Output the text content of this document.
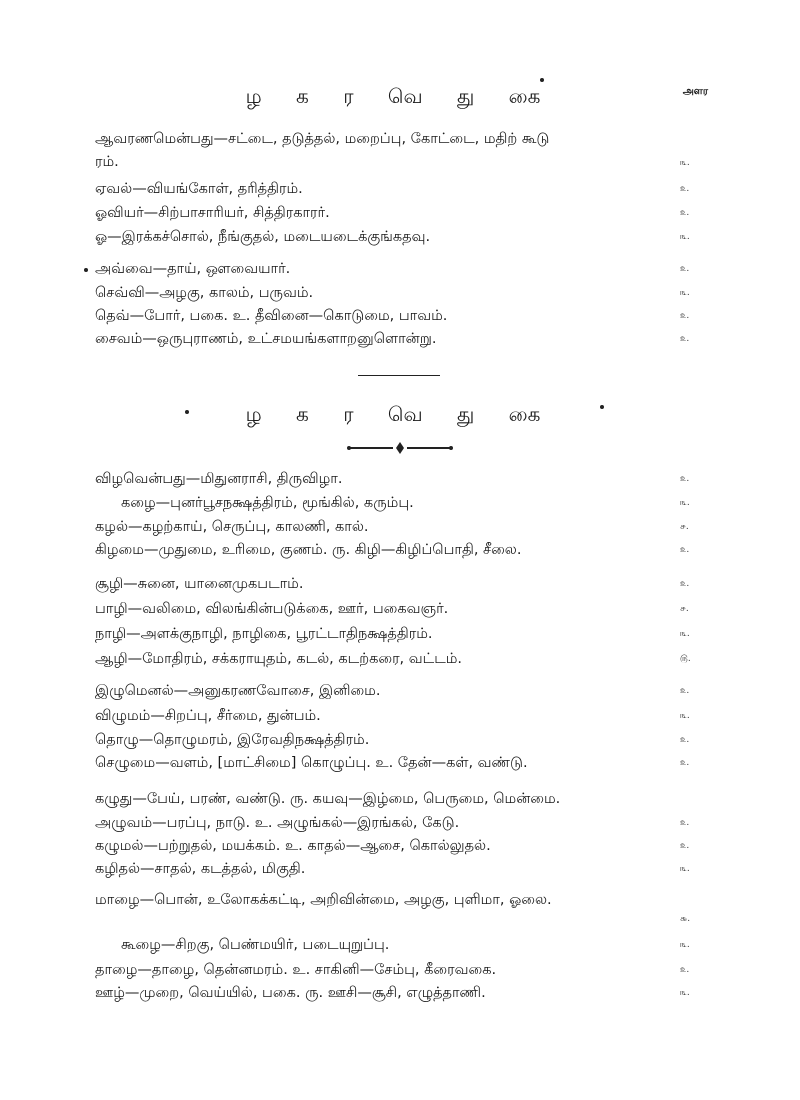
ழ க ர வெ து கை	அளர
ஆவரணமென்பது—சட்டை, தடுத்தல், மறைப்பு, கோட்டை, மதிற் கூடு
ரம்.	௩.
ஏவல்—வியங்கோள், தரித்திரம்.	௨.
ஓவியர்—சிற்பாசாரியர், சித்திரகாரர்.	௨.
ஓ—இரக்கச்சொல், நீங்குதல், மடையடைக்குங்கதவு.	௩.
அவ்வை—தாய், ஔவையார்.	௨.
செவ்வி—அழகு, காலம், பருவம்.	௩.
தெவ்—போர், பகை. உ. தீவினை—கொடுமை, பாவம்.	௨.
சைவம்—ஒருபுராணம், உட்சமயங்களாறனுளொன்று.	௨.
ழ க ர வெ து கை
விழவென்பது—மிதுனராசி, திருவிழா.	௨.
கழை—புனர்பூசநக்ஷத்திரம், மூங்கில், கரும்பு.	௩.
கழல்—கழற்காய், செருப்பு, காலணி, கால்.	௪.
கிழமை—முதுமை, உரிமை, குணம். ரு. கிழி—கிழிப்பொதி, சீலை.	௨.
சூழி—சுனை, யானைமுகபடாம்.	௨.
பாழி—வலிமை, விலங்கின்படுக்கை, ஊர், பகைவஞர்.	௪.
நாழி—அளக்குநாழி, நாழிகை, பூரட்டாதிநக்ஷத்திரம்.	௩.
ஆழி—மோதிரம், சக்கராயுதம், கடல், கடற்கரை, வட்டம்.	௫.
இழுமெனல்—அனுகரணவோசை, இனிமை.	௨.
விழுமம்—சிறப்பு, சீர்மை, துன்பம்.	௩.
தொழு—தொழுமரம், இரேவதிநக்ஷத்திரம்.	௨.
செழுமை—வளம், [மாட்சிமை] கொழுப்பு. உ. தேன்—கள், வண்டு.	௨.
கழுது—பேய், பரண், வண்டு. ரு. கயவு—இழ்மை, பெருமை, மென்மை.
அழுவம்—பரப்பு, நாடு. உ. அழுங்கல்—இரங்கல், கேடு.	௨.
கழுமல்—பற்றுதல், மயக்கம். உ. காதல்—ஆசை, கொல்லுதல்.	௨.
கழிதல்—சாதல், கடத்தல், மிகுதி.	௩.
மாழை—பொன், உலோகக்கட்டி, அறிவின்மை, அழகு, புளிமா, ஓலை.
௬.
கூழை—சிறகு, பெண்மயிர், படையுறுப்பு.	௩.
தாழை—தாழை, தென்னமரம். உ. சாகினி—சேம்பு, கீரைவகை.	௨.
ஊழ்—முறை, வெய்யில், பகை. ரு. ஊசி—சூசி, எழுத்தாணி.	௩.
